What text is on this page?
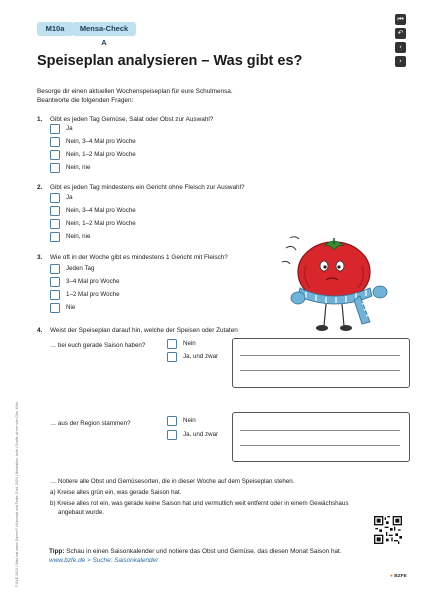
M10a	Mensa-Check A
⏮
↶
‹
›
Speiseplan analysieren – Was gibt es?
Besorge dir einen aktuellen Wochenspeiseplan für eure Schulmensa.
Beantworte die folgenden Fragen:
1. Gibt es jeden Tag Gemüse, Salat oder Obst zur Auswahl?
Ja
Nein, 3–4 Mal pro Woche
Nein, 1–2 Mal pro Woche
Nein, nie
2. Gibt es jeden Tag mindestens ein Gericht ohne Fleisch zur Auswahl?
Ja
Nein, 3–4 Mal pro Woche
Nein, 1–2 Mal pro Woche
Nein, nie
3. Wie oft in der Woche gibt es mindestens 1 Gericht mit Fleisch?
Jeden Tag
3–4 Mal pro Woche
1–2 Mal pro Woche
Nie
4. Weist der Speiseplan darauf hin, welche der Speisen oder Zutaten
… bei euch gerade Saison haben?	Nein
Ja, und zwar
… aus der Region stammen?	Nein
Ja, und zwar
… Notiere alle Obst und Gemüsesorten, die in dieser Woche auf dem Speiseplan stehen.
a) Kreise alles grün ein, was gerade Saison hat.
b) Kreise alles rot ein, was gerade keine Saison hat und vermutlich weit entfernt oder in einem Gewächshaus
angebaut wurde.
Tipp: Schau in einen Saisonkalender und notiere das Obst und Gemüse, das diesen Monat Saison hat.
www.bzfe.de > Suche: Saisonkalender
● BZFE
© BLE 2024 | Was hat wann Saison? | Konzept und Texte: Erst. 2024 | Illustration: bzfe | Grafik: Armin von Gös, Köln
